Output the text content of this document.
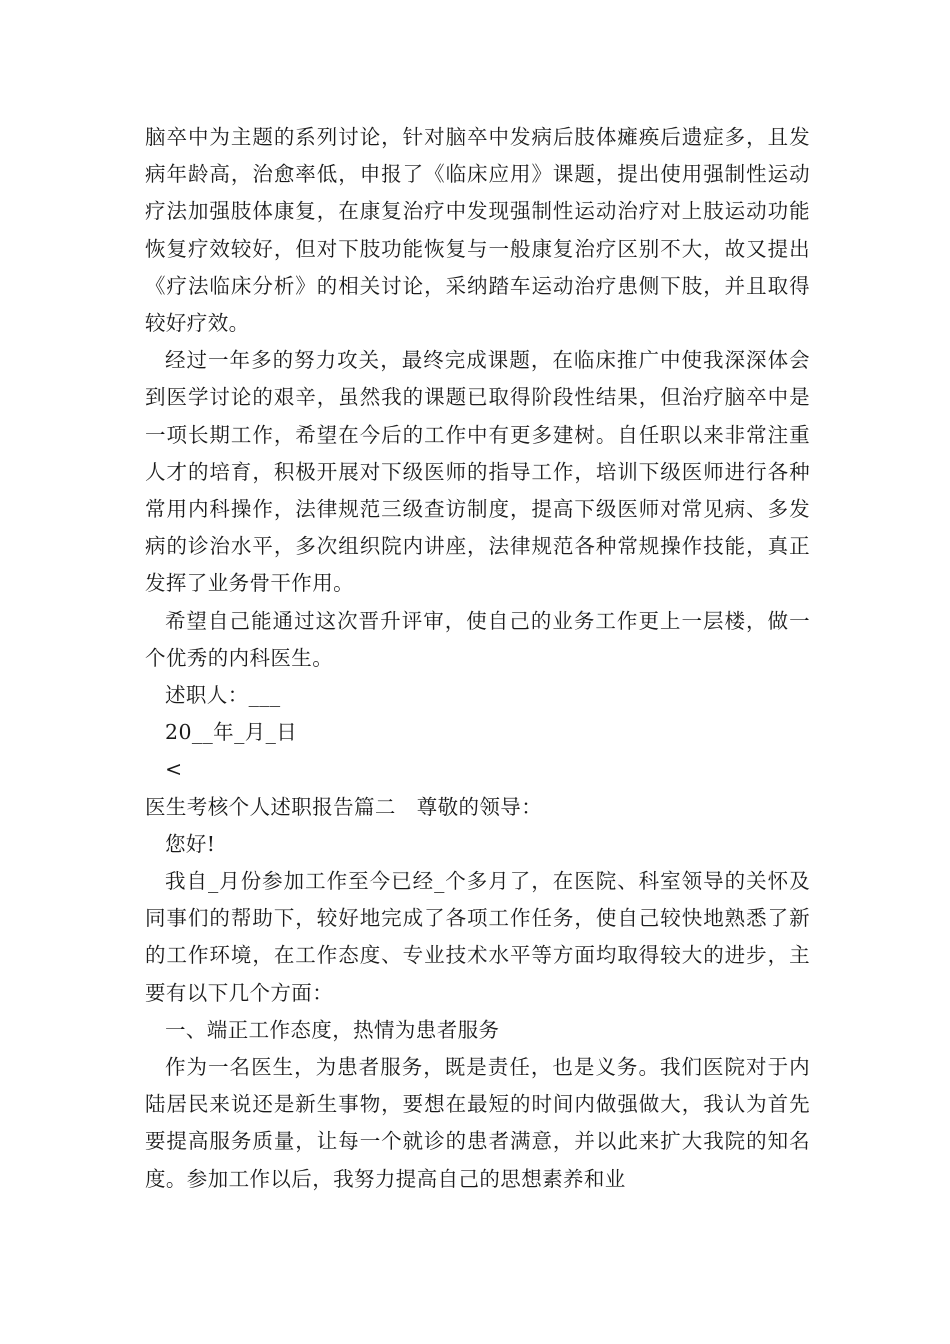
脑卒中为主题的系列讨论，针对脑卒中发病后肢体瘫痪后遗症多，且发病年龄高，治愈率低，申报了《临床应用》课题，提出使用强制性运动疗法加强肢体康复，在康复治疗中发现强制性运动治疗对上肢运动功能恢复疗效较好，但对下肢功能恢复与一般康复治疗区别不大，故又提出《疗法临床分析》的相关讨论，采纳踏车运动治疗患侧下肢，并且取得较好疗效。

经过一年多的努力攻关，最终完成课题，在临床推广中使我深深体会到医学讨论的艰辛，虽然我的课题已取得阶段性结果，但治疗脑卒中是一项长期工作，希望在今后的工作中有更多建树。自任职以来非常注重人才的培育，积极开展对下级医师的指导工作，培训下级医师进行各种常用内科操作，法律规范三级查访制度，提高下级医师对常见病、多发病的诊治水平，多次组织院内讲座，法律规范各种常规操作技能，真正发挥了业务骨干作用。

希望自己能通过这次晋升评审，使自己的业务工作更上一层楼，做一个优秀的内科医生。

述职人：___

20__年_月_日

<

医生考核个人述职报告篇二　尊敬的领导：

您好!

我自_月份参加工作至今已经_个多月了，在医院、科室领导的关怀及同事们的帮助下，较好地完成了各项工作任务，使自己较快地熟悉了新的工作环境，在工作态度、专业技术水平等方面均取得较大的进步，主要有以下几个方面：

一、端正工作态度，热情为患者服务

作为一名医生，为患者服务，既是责任，也是义务。我们医院对于内陆居民来说还是新生事物，要想在最短的时间内做强做大，我认为首先要提高服务质量，让每一个就诊的患者满意，并以此来扩大我院的知名度。参加工作以后，我努力提高自己的思想素养和业
